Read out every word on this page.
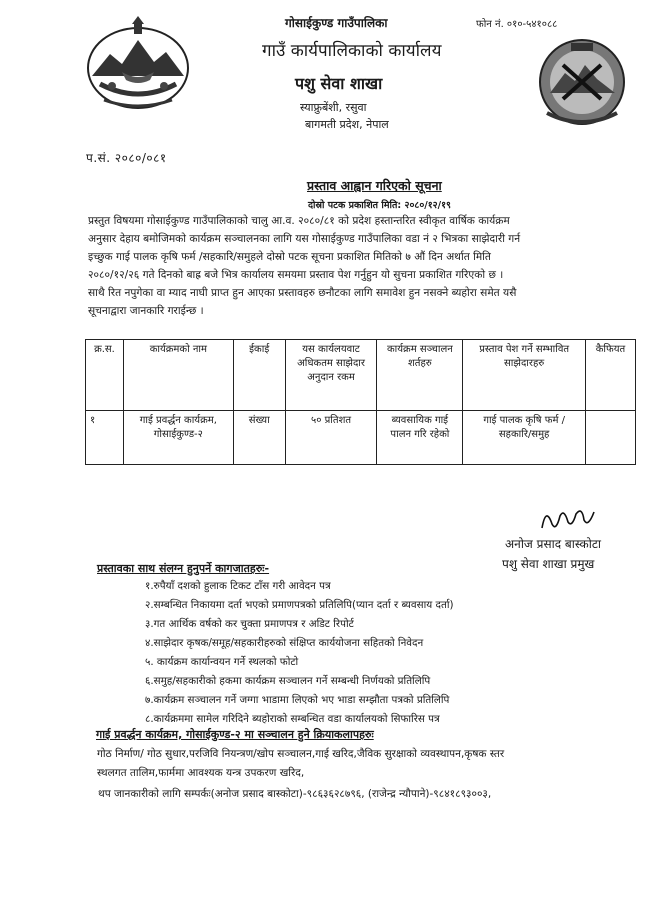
गोसाईकुण्ड गाउँपालिका	फोन नं. ०१०-५४१०८८
गाउँ कार्यपालिकाको कार्यालय
पशु सेवा शाखा
स्याफ्रुबेंशी, रसुवा
बागमती प्रदेश, नेपाल
प.सं. २०८०/०८१
प्रस्ताव आह्वान गरिएको सूचना
दोस्रो पटक प्रकाशित मिति: २०८०/१२/१९
प्रस्तुत विषयमा गोसाईकुण्ड गाउँपालिकाको चालु आ.व. २०८०/८१ को प्रदेश हस्तान्तरित स्वीकृत वार्षिक कार्यक्रम
अनुसार देहाय बमोजिमको कार्यक्रम सञ्चालनका लागि यस गोसाईकुण्ड गाउँपालिका वडा नं २ भित्रका साझेदारी गर्न
इच्छुक गाई पालक कृषि फर्म /सहकारि/समुहले दोस्रो पटक सूचना प्रकाशित मितिको ७ औं दिन अर्थात मिति
२०८०/१२/२६ गते दिनको बाह्र बजे भित्र कार्यालय समयमा प्रस्ताव पेश गर्नुहुन यो सुचना प्रकाशित गरिएको छ ।
साथै रित नपुगेका वा म्याद नाघी प्राप्त हुन आएका प्रस्तावहरु छनौटका लागि समावेश हुन नसक्ने ब्यहोरा समेत यसै
सूचनाद्वारा जानकारि गराईन्छ ।
क्र.स.	कार्यक्रमको नाम	ईकाई	यस कार्यलयवाट अधिकतम साझेदार अनुदान रकम	कार्यक्रम सञ्चालन शर्तहरु	प्रस्ताव पेश गर्ने सम्भावित साझेदारहरु	कैफियत
१	गाई प्रवर्द्धन कार्यक्रम, गोसाईकुण्ड-२	संख्या	५० प्रतिशत	ब्यवसायिक गाई पालन गरि रहेको	गाई पालक कृषि फर्म /सहकारि/समुह	
अनोज प्रसाद बास्कोटा
पशु सेवा शाखा प्रमुख
प्रस्तावका साथ संलग्न हुनुपर्ने कागजातहरुः-
१.रुपैयाँ दशको हुलाक टिकट टाँस गरी आवेदन पत्र
२.सम्बन्धित निकायमा दर्ता भएको प्रमाणपत्रको प्रतिलिपि(प्यान दर्ता र ब्यवसाय दर्ता)
३.गत आर्थिक वर्षको कर चुक्ता प्रमाणपत्र र अडिट रिपोर्ट
४.साझेदार कृषक/समूह/सहकारीहरुको संक्षिप्त कार्ययोजना सहितको निवेदन
५. कार्यक्रम कार्यान्वयन गर्ने स्थलको फोटो
६.समुह/सहकारीको हकमा कार्यक्रम सञ्चालन गर्ने सम्बन्धी निर्णयको प्रतिलिपि
७.कार्यक्रम सञ्चालन गर्ने जग्गा भाडामा लिएको भए भाडा सम्झौता पत्रको प्रतिलिपि
८.कार्यक्रममा सामेल गरिदिने ब्यहोराको सम्बन्धित वडा कार्यालयको सिफारिस पत्र
गाई प्रवर्द्धन कार्यक्रम, गोसाईकुण्ड-२ मा सञ्चालन हुने क्रियाकलापहरुः
गोठ निर्माण/ गोठ सुधार,परजिवि नियन्त्रण/खोप सञ्चालन,गाई खरिद,जैविक सुरक्षाको व्यवस्थापन,कृषक स्तर
स्थलगत तालिम,फार्ममा आवश्यक यन्त्र उपकरण खरिद,
थप जानकारीको लागि सम्पर्कः(अनोज प्रसाद बास्कोटा)-९८६३६२८७९६, (राजेन्द्र न्यौपाने)-९८४१८९३००३,
